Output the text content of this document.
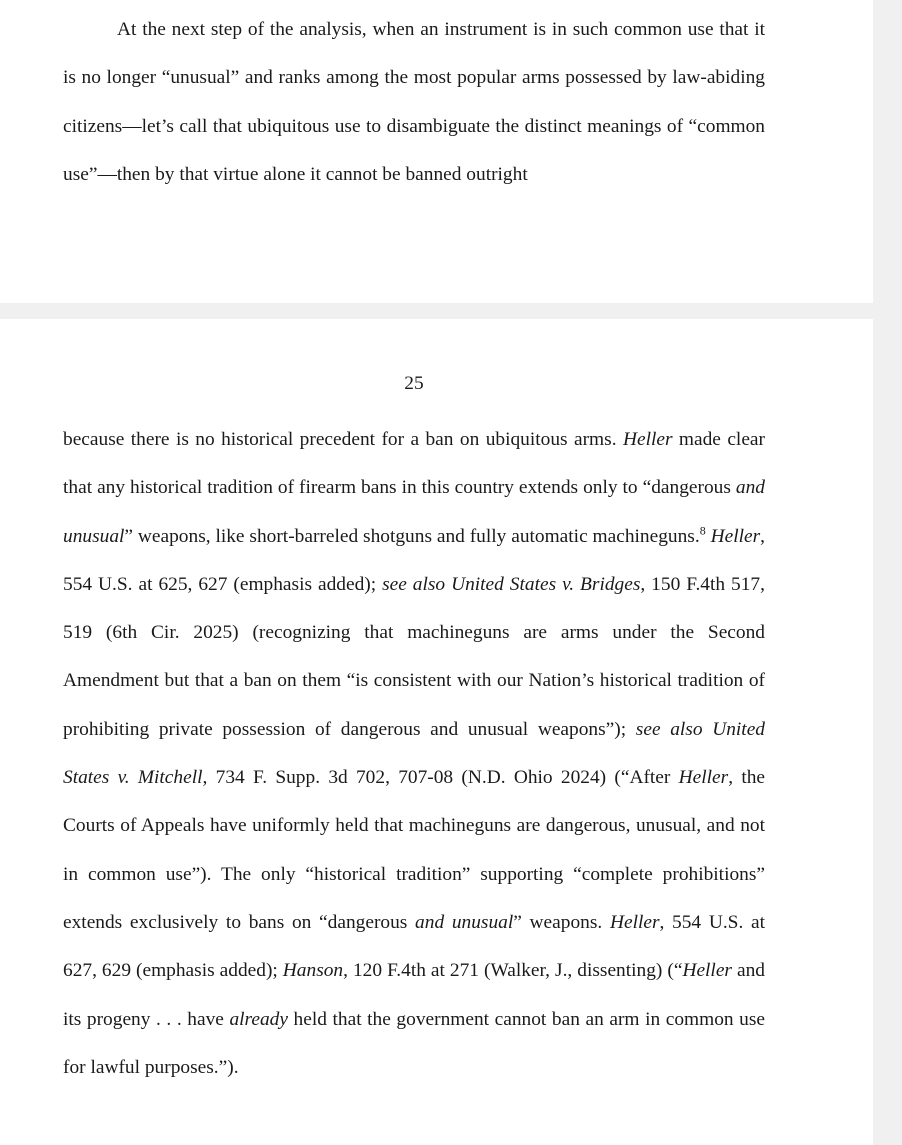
At the next step of the analysis, when an instrument is in such common use that it is no longer “unusual” and ranks among the most popular arms possessed by law-abiding citizens—let’s call that ubiquitous use to disambiguate the distinct meanings of “common use”—then by that virtue alone it cannot be banned outright

25

because there is no historical precedent for a ban on ubiquitous arms. Heller made clear that any historical tradition of firearm bans in this country extends only to “dangerous and unusual” weapons, like short-barreled shotguns and fully automatic machineguns.$^8$ Heller, 554 U.S. at 625, 627 (emphasis added); see also United States v. Bridges, 150 F.4th 517, 519 (6th Cir. 2025) (recognizing that machineguns are arms under the Second Amendment but that a ban on them “is consistent with our Nation’s historical tradition of prohibiting private possession of dangerous and unusual weapons”); see also United States v. Mitchell, 734 F. Supp. 3d 702, 707-08 (N.D. Ohio 2024) (“After Heller, the Courts of Appeals have uniformly held that machineguns are dangerous, unusual, and not in common use”). The only “historical tradition” supporting “complete prohibitions” extends exclusively to bans on “dangerous and unusual” weapons. Heller, 554 U.S. at 627, 629 (emphasis added); Hanson, 120 F.4th at 271 (Walker, J., dissenting) (“Heller and its progeny . . . have already held that the government cannot ban an arm in common use for lawful purposes.”).
